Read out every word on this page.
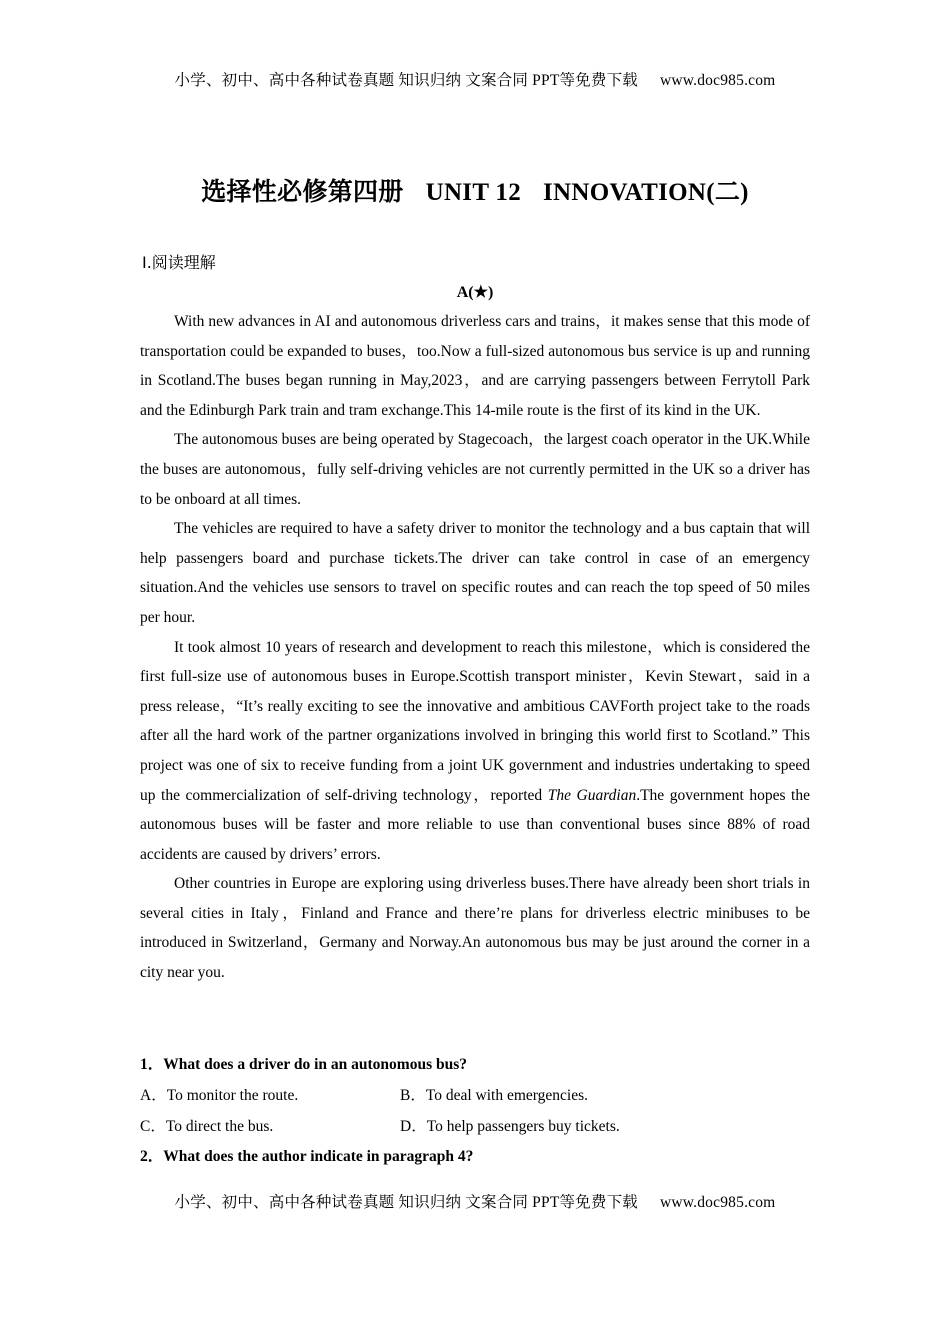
小学、初中、高中各种试卷真题 知识归纳 文案合同 PPT等免费下载 www.doc985.com
选择性必修第四册 UNIT 12 INNOVATION(二)
Ⅰ.阅读理解
A(★)

With new advances in AI and autonomous driverless cars and trains，it makes sense that this mode of transportation could be expanded to buses，too.Now a full-sized autonomous bus service is up and running in Scotland.The buses began running in May,2023，and are carrying passengers between Ferrytoll Park and the Edinburgh Park train and tram exchange.This 14-mile route is the first of its kind in the UK.

The autonomous buses are being operated by Stagecoach，the largest coach operator in the UK.While the buses are autonomous，fully self-driving vehicles are not currently permitted in the UK so a driver has to be onboard at all times.

The vehicles are required to have a safety driver to monitor the technology and a bus captain that will help passengers board and purchase tickets.The driver can take control in case of an emergency situation.And the vehicles use sensors to travel on specific routes and can reach the top speed of 50 miles per hour.

It took almost 10 years of research and development to reach this milestone，which is considered the first full-size use of autonomous buses in Europe.Scottish transport minister，Kevin Stewart，said in a press release，“It’s really exciting to see the innovative and ambitious CAVForth project take to the roads after all the hard work of the partner organizations involved in bringing this world first to Scotland.” This project was one of six to receive funding from a joint UK government and industries undertaking to speed up the commercialization of self-driving technology，reported The Guardian.The government hopes the autonomous buses will be faster and more reliable to use than conventional buses since 88% of road accidents are caused by drivers’ errors.

Other countries in Europe are exploring using driverless buses.There have already been short trials in several cities in Italy，Finland and France and there’re plans for driverless electric minibuses to be introduced in Switzerland，Germany and Norway.An autonomous bus may be just around the corner in a city near you.

1．What does a driver do in an autonomous bus?
A．To monitor the route.	B．To deal with emergencies.
C．To direct the bus.	D．To help passengers buy tickets.
2．What does the author indicate in paragraph 4?
小学、初中、高中各种试卷真题 知识归纳 文案合同 PPT等免费下载 www.doc985.com
